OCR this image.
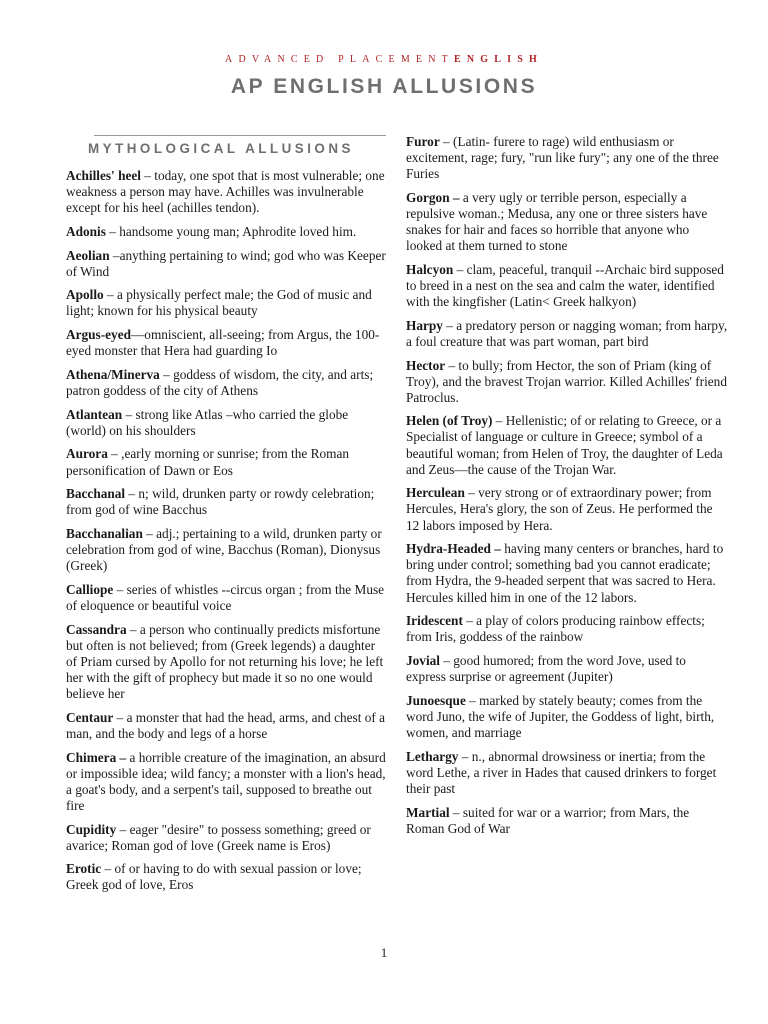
ADVANCED PLACEMENTENGLISH
AP ENGLISH ALLUSIONS
MYTHOLOGICAL ALLUSIONS

Achilles' heel – today, one spot that is most vulnerable; one weakness a person may have. Achilles was invulnerable except for his heel (achilles tendon).

Adonis – handsome young man; Aphrodite loved him.

Aeolian –anything pertaining to wind; god who was Keeper of Wind

Apollo – a physically perfect male; the God of music and light; known for his physical beauty

Argus-eyed—omniscient, all-seeing; from Argus, the 100-eyed monster that Hera had guarding Io

Athena/Minerva – goddess of wisdom, the city, and arts; patron goddess of the city of Athens

Atlantean – strong like Atlas –who carried the globe (world) on his shoulders

Aurora – ,early morning or sunrise; from the Roman personification of Dawn or Eos

Bacchanal – n; wild, drunken party or rowdy celebration; from god of wine Bacchus

Bacchanalian – adj.; pertaining to a wild, drunken party or celebration from god of wine, Bacchus (Roman), Dionysus (Greek)

Calliope – series of whistles --circus organ ; from the Muse of eloquence or beautiful voice

Cassandra – a person who continually predicts misfortune but often is not believed; from (Greek legends) a daughter of Priam cursed by Apollo for not returning his love; he left her with the gift of prophecy but made it so no one would believe her

Centaur – a monster that had the head, arms, and chest of a man, and the body and legs of a horse

Chimera – a horrible creature of the imagination, an absurd or impossible idea; wild fancy; a monster with a lion's head, a goat's body, and a serpent's tail, supposed to breathe out fire

Cupidity – eager "desire" to possess something; greed or avarice; Roman god of love (Greek name is Eros)

Erotic – of or having to do with sexual passion or love; Greek god of love, Eros

Furor – (Latin- furere to rage) wild enthusiasm or excitement, rage; fury, "run like fury"; any one of the three Furies

Gorgon – a very ugly or terrible person, especially a repulsive woman.; Medusa, any one or three sisters have snakes for hair and faces so horrible that anyone who looked at them turned to stone

Halcyon – clam, peaceful, tranquil --Archaic bird supposed to breed in a nest on the sea and calm the water, identified with the kingfisher (Latin< Greek halkyon)

Harpy – a predatory person or nagging woman; from harpy, a foul creature that was part woman, part bird

Hector – to bully; from Hector, the son of Priam (king of Troy), and the bravest Trojan warrior. Killed Achilles' friend Patroclus.

Helen (of Troy) – Hellenistic; of or relating to Greece, or a Specialist of language or culture in Greece; symbol of a beautiful woman; from Helen of Troy, the daughter of Leda and Zeus—the cause of the Trojan War.

Herculean – very strong or of extraordinary power; from Hercules, Hera's glory, the son of Zeus. He performed the 12 labors imposed by Hera.

Hydra-Headed – having many centers or branches, hard to bring under control; something bad you cannot eradicate; from Hydra, the 9-headed serpent that was sacred to Hera. Hercules killed him in one of the 12 labors.

Iridescent – a play of colors producing rainbow effects; from Iris, goddess of the rainbow

Jovial – good humored; from the word Jove, used to express surprise or agreement (Jupiter)

Junoesque – marked by stately beauty; comes from the word Juno, the wife of Jupiter, the Goddess of light, birth, women, and marriage

Lethargy – n., abnormal drowsiness or inertia; from the word Lethe, a river in Hades that caused drinkers to forget their past

Martial – suited for war or a warrior; from Mars, the Roman God of War

1
